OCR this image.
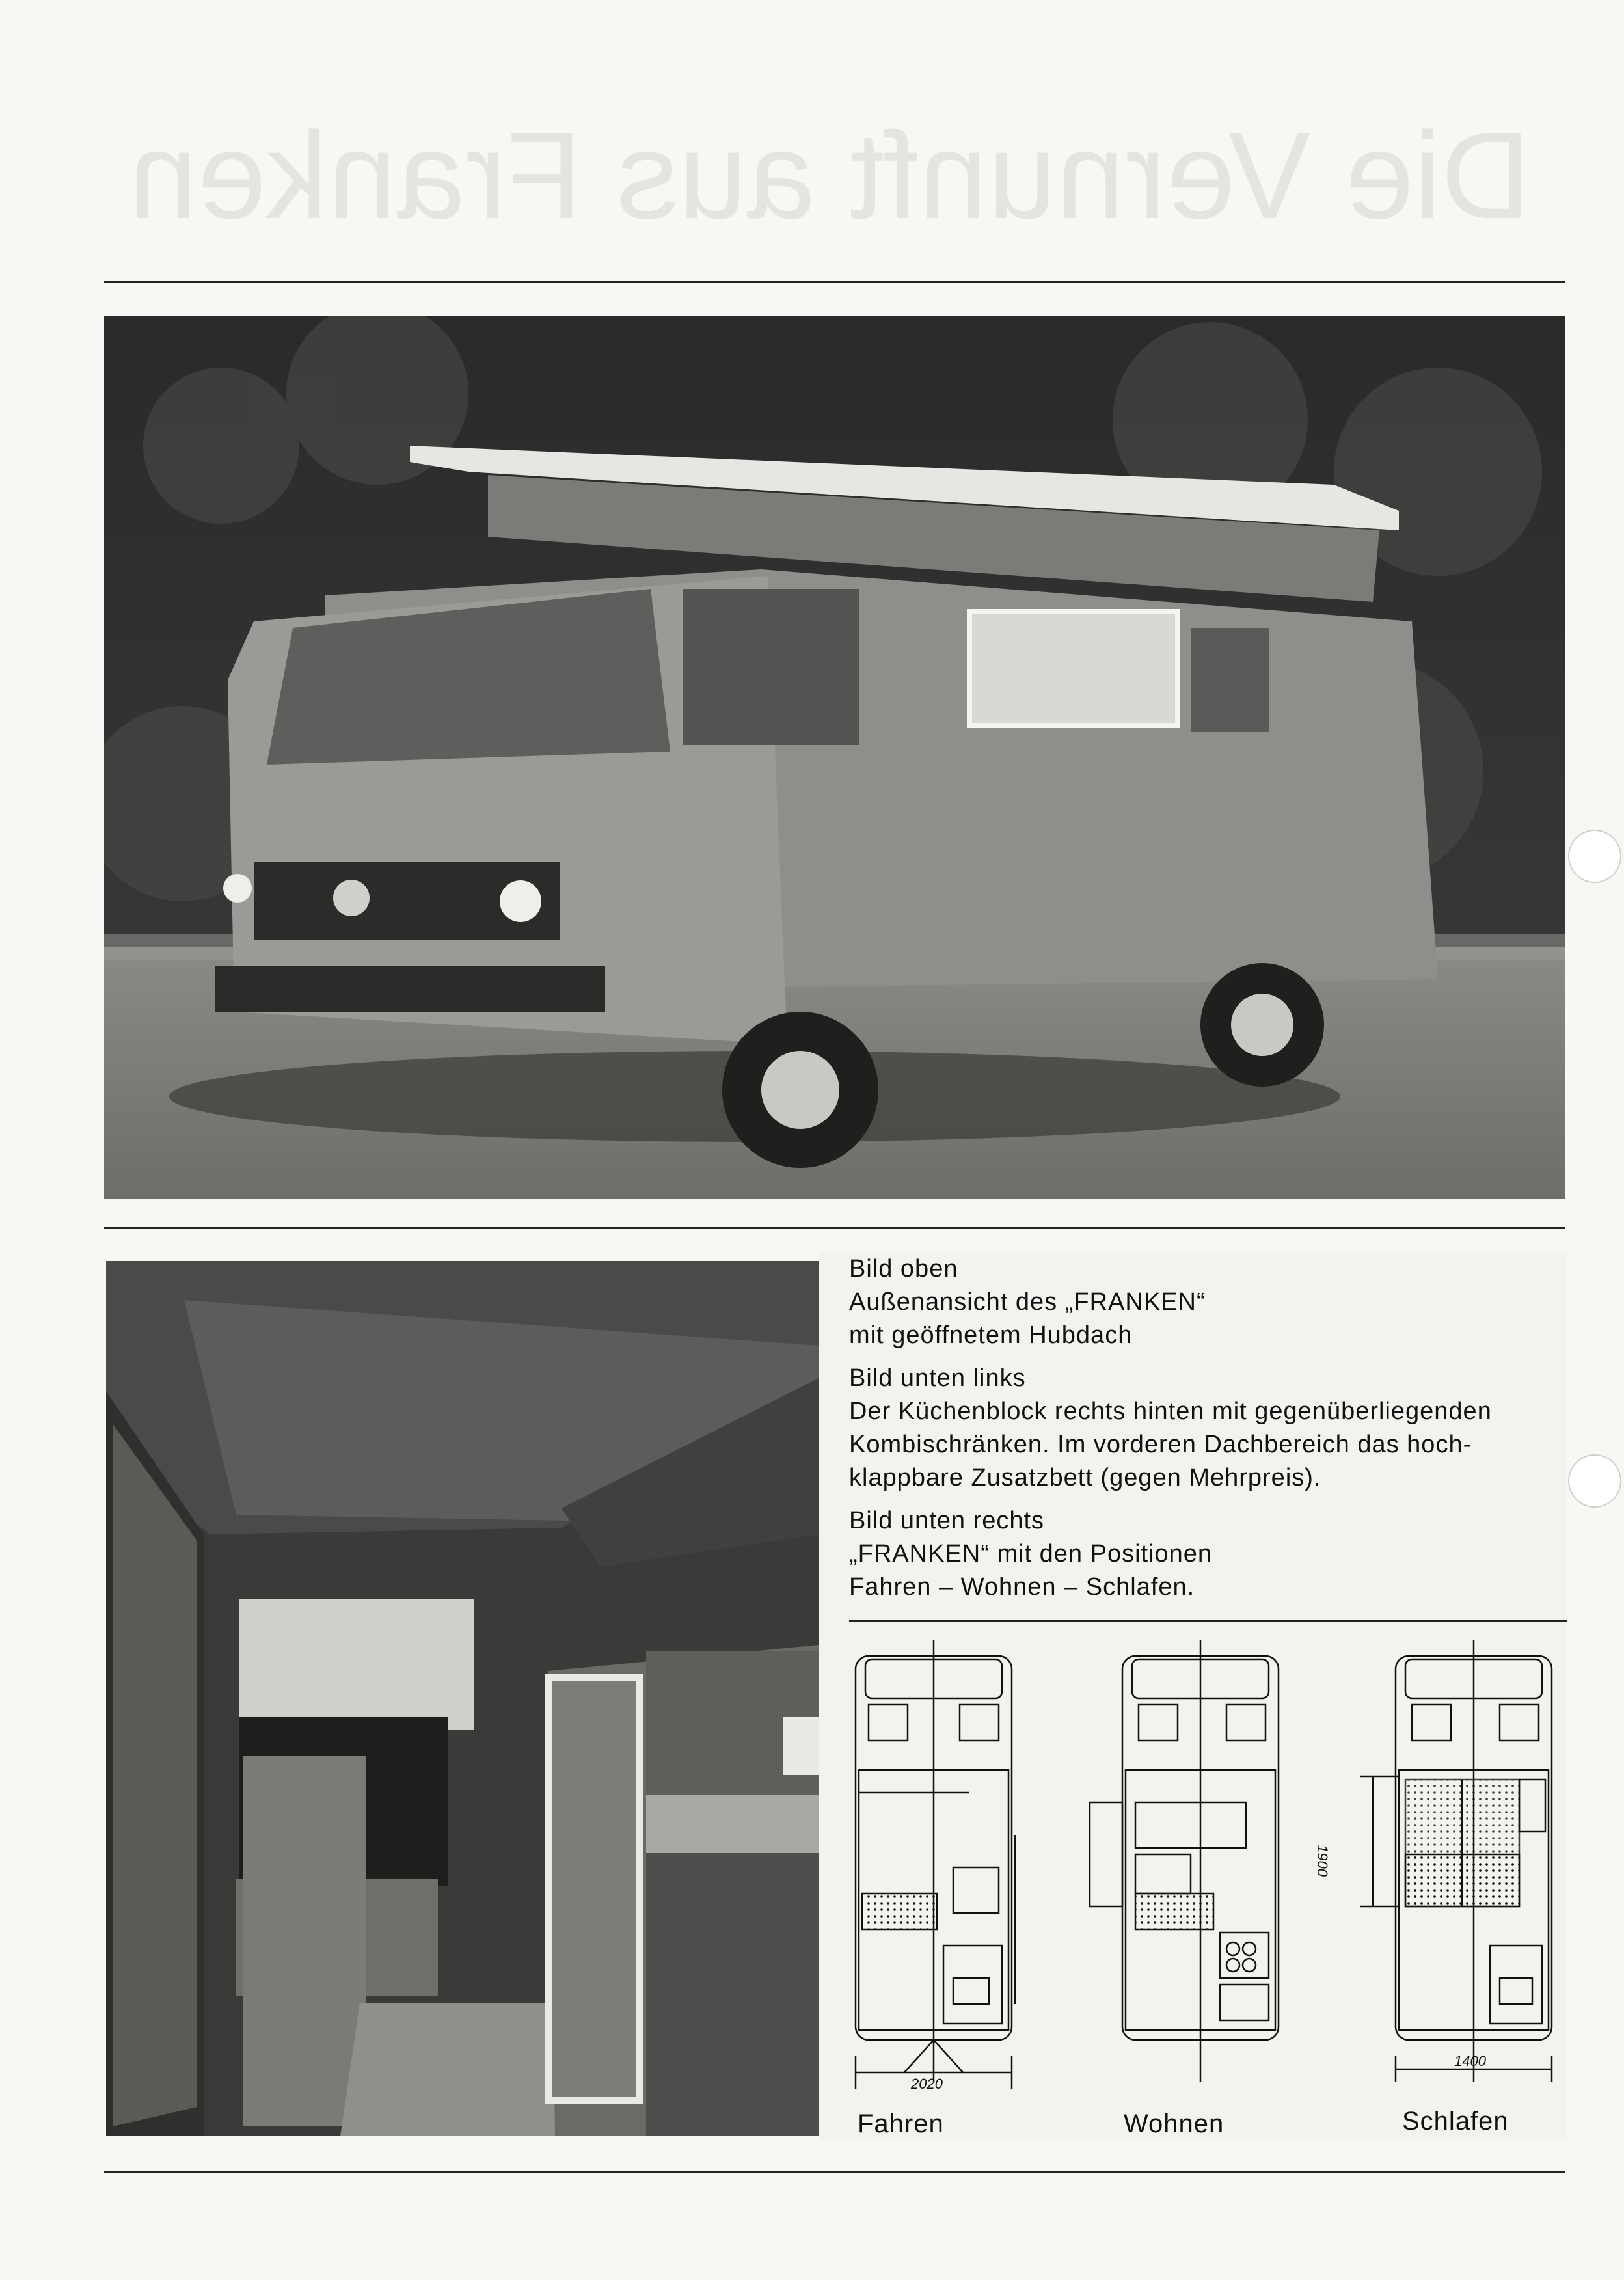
Die Vernunft aus Franken
Bild oben
Außenansicht des „FRANKEN“
mit geöffnetem Hubdach
Bild unten links
Der Küchenblock rechts hinten mit gegenüberliegenden
Kombischränken. Im vorderen Dachbereich das hoch-
klappbare Zusatzbett (gegen Mehrpreis).
Bild unten rechts
„FRANKEN“ mit den Positionen
Fahren – Wohnen – Schlafen.
2020
1900
1400
Fahren	Wohnen	Schlafen
